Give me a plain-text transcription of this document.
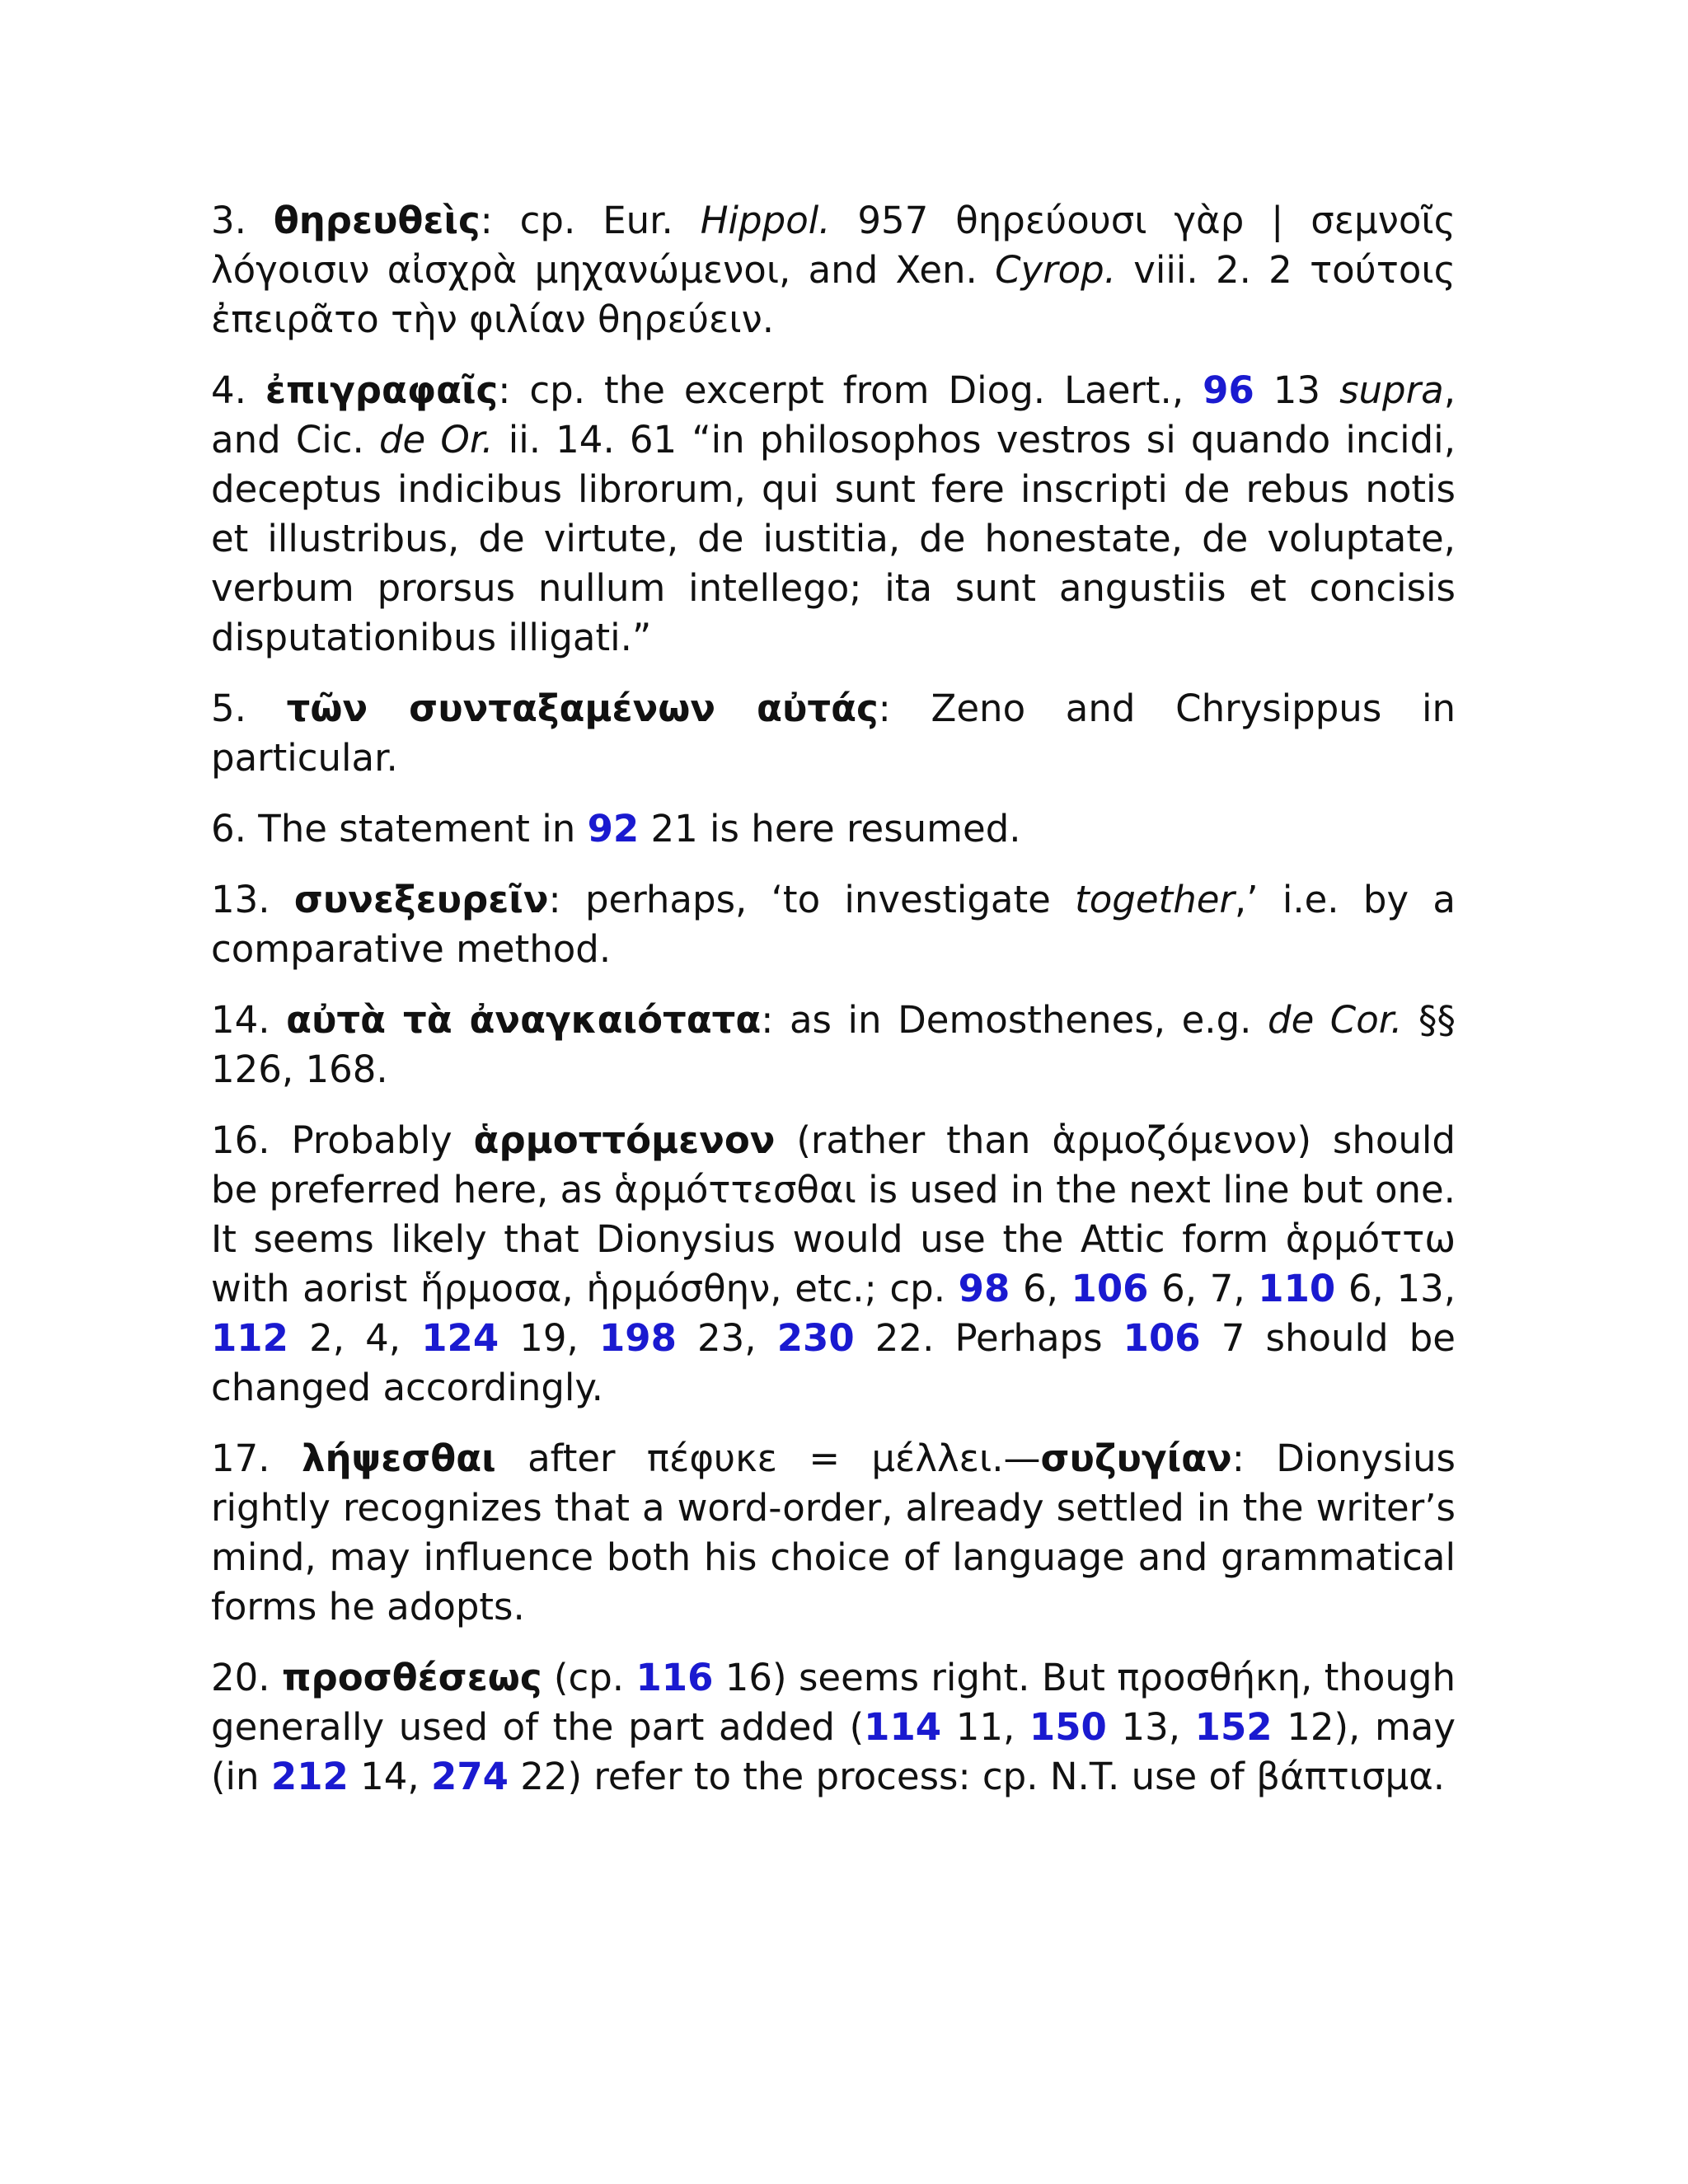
3. θηρευθεὶς: cp. Eur. Hippol. 957 θηρεύουσι γὰρ | σεμνοῖς λόγοισιν αἰσχρὰ μηχανώμενοι, and Xen. Cyrop. viii. 2. 2 τούτοις ἐπειρᾶτο τὴν φιλίαν θηρεύειν.

4. ἐπιγραφαῖς: cp. the excerpt from Diog. Laert., 96 13 supra, and Cic. de Or. ii. 14. 61 “in philosophos vestros si quando incidi, deceptus indicibus librorum, qui sunt fere inscripti de rebus notis et illustribus, de virtute, de iustitia, de honestate, de voluptate, verbum prorsus nullum intellego; ita sunt angustiis et concisis disputationibus illigati.”

5. τῶν συνταξαμένων αὐτάς: Zeno and Chrysippus in particular.

6. The statement in 92 21 is here resumed.

13. συνεξευρεῖν: perhaps, ‘to investigate together,’ i.e. by a comparative method.

14. αὐτὰ τὰ ἀναγκαιότατα: as in Demosthenes, e.g. de Cor. §§ 126, 168.

16. Probably ἁρμοττόμενον (rather than ἁρμοζόμενον) should be preferred here, as ἁρμόττεσθαι is used in the next line but one. It seems likely that Dionysius would use the Attic form ἁρμόττω with aorist ἥρμοσα, ἡρμόσθην, etc.; cp. 98 6, 106 6, 7, 110 6, 13, 112 2, 4, 124 19, 198 23, 230 22. Perhaps 106 7 should be changed accordingly.

17. λήψεσθαι after πέφυκε = μέλλει.—συζυγίαν: Dionysius rightly recognizes that a word-order, already settled in the writer’s mind, may influence both his choice of language and grammatical forms he adopts.

20. προσθέσεως (cp. 116 16) seems right. But προσθήκη, though generally used of the part added (114 11, 150 13, 152 12), may (in 212 14, 274 22) refer to the process: cp. N.T. use of βάπτισμα.
